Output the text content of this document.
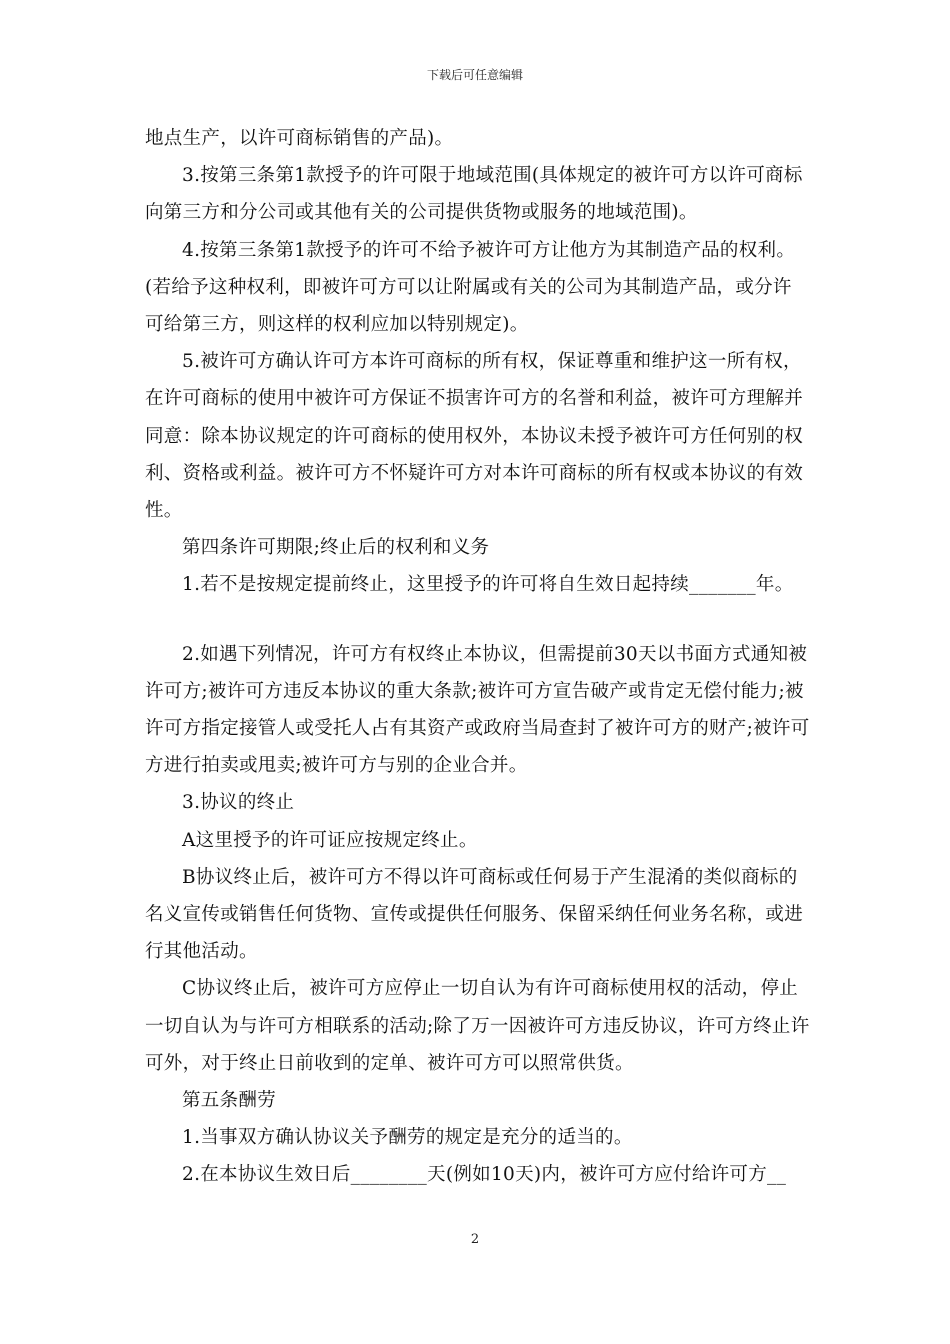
下载后可任意编辑

地点生产，以许可商标销售的产品)。

3.按第三条第1款授予的许可限于地域范围(具体规定的被许可方以许可商标向第三方和分公司或其他有关的公司提供货物或服务的地域范围)。

4.按第三条第1款授予的许可不给予被许可方让他方为其制造产品的权利。(若给予这种权利，即被许可方可以让附属或有关的公司为其制造产品，或分许可给第三方，则这样的权利应加以特别规定)。

5.被许可方确认许可方本许可商标的所有权，保证尊重和维护这一所有权，在许可商标的使用中被许可方保证不损害许可方的名誉和利益，被许可方理解并同意：除本协议规定的许可商标的使用权外，本协议未授予被许可方任何别的权利、资格或利益。被许可方不怀疑许可方对本许可商标的所有权或本协议的有效性。

第四条许可期限;终止后的权利和义务

1.若不是按规定提前终止，这里授予的许可将自生效日起持续_______年。

2.如遇下列情况，许可方有权终止本协议，但需提前30天以书面方式通知被许可方;被许可方违反本协议的重大条款;被许可方宣告破产或肯定无偿付能力;被许可方指定接管人或受托人占有其资产或政府当局查封了被许可方的财产;被许可方进行拍卖或甩卖;被许可方与别的企业合并。

3.协议的终止

A这里授予的许可证应按规定终止。

B协议终止后，被许可方不得以许可商标或任何易于产生混淆的类似商标的名义宣传或销售任何货物、宣传或提供任何服务、保留采纳任何业务名称，或进行其他活动。

C协议终止后，被许可方应停止一切自认为有许可商标使用权的活动，停止一切自认为与许可方相联系的活动;除了万一因被许可方违反协议，许可方终止许可外，对于终止日前收到的定单、被许可方可以照常供货。

第五条酬劳

1.当事双方确认协议关予酬劳的规定是充分的适当的。

2.在本协议生效日后________天(例如10天)内，被许可方应付给许可方__

2
